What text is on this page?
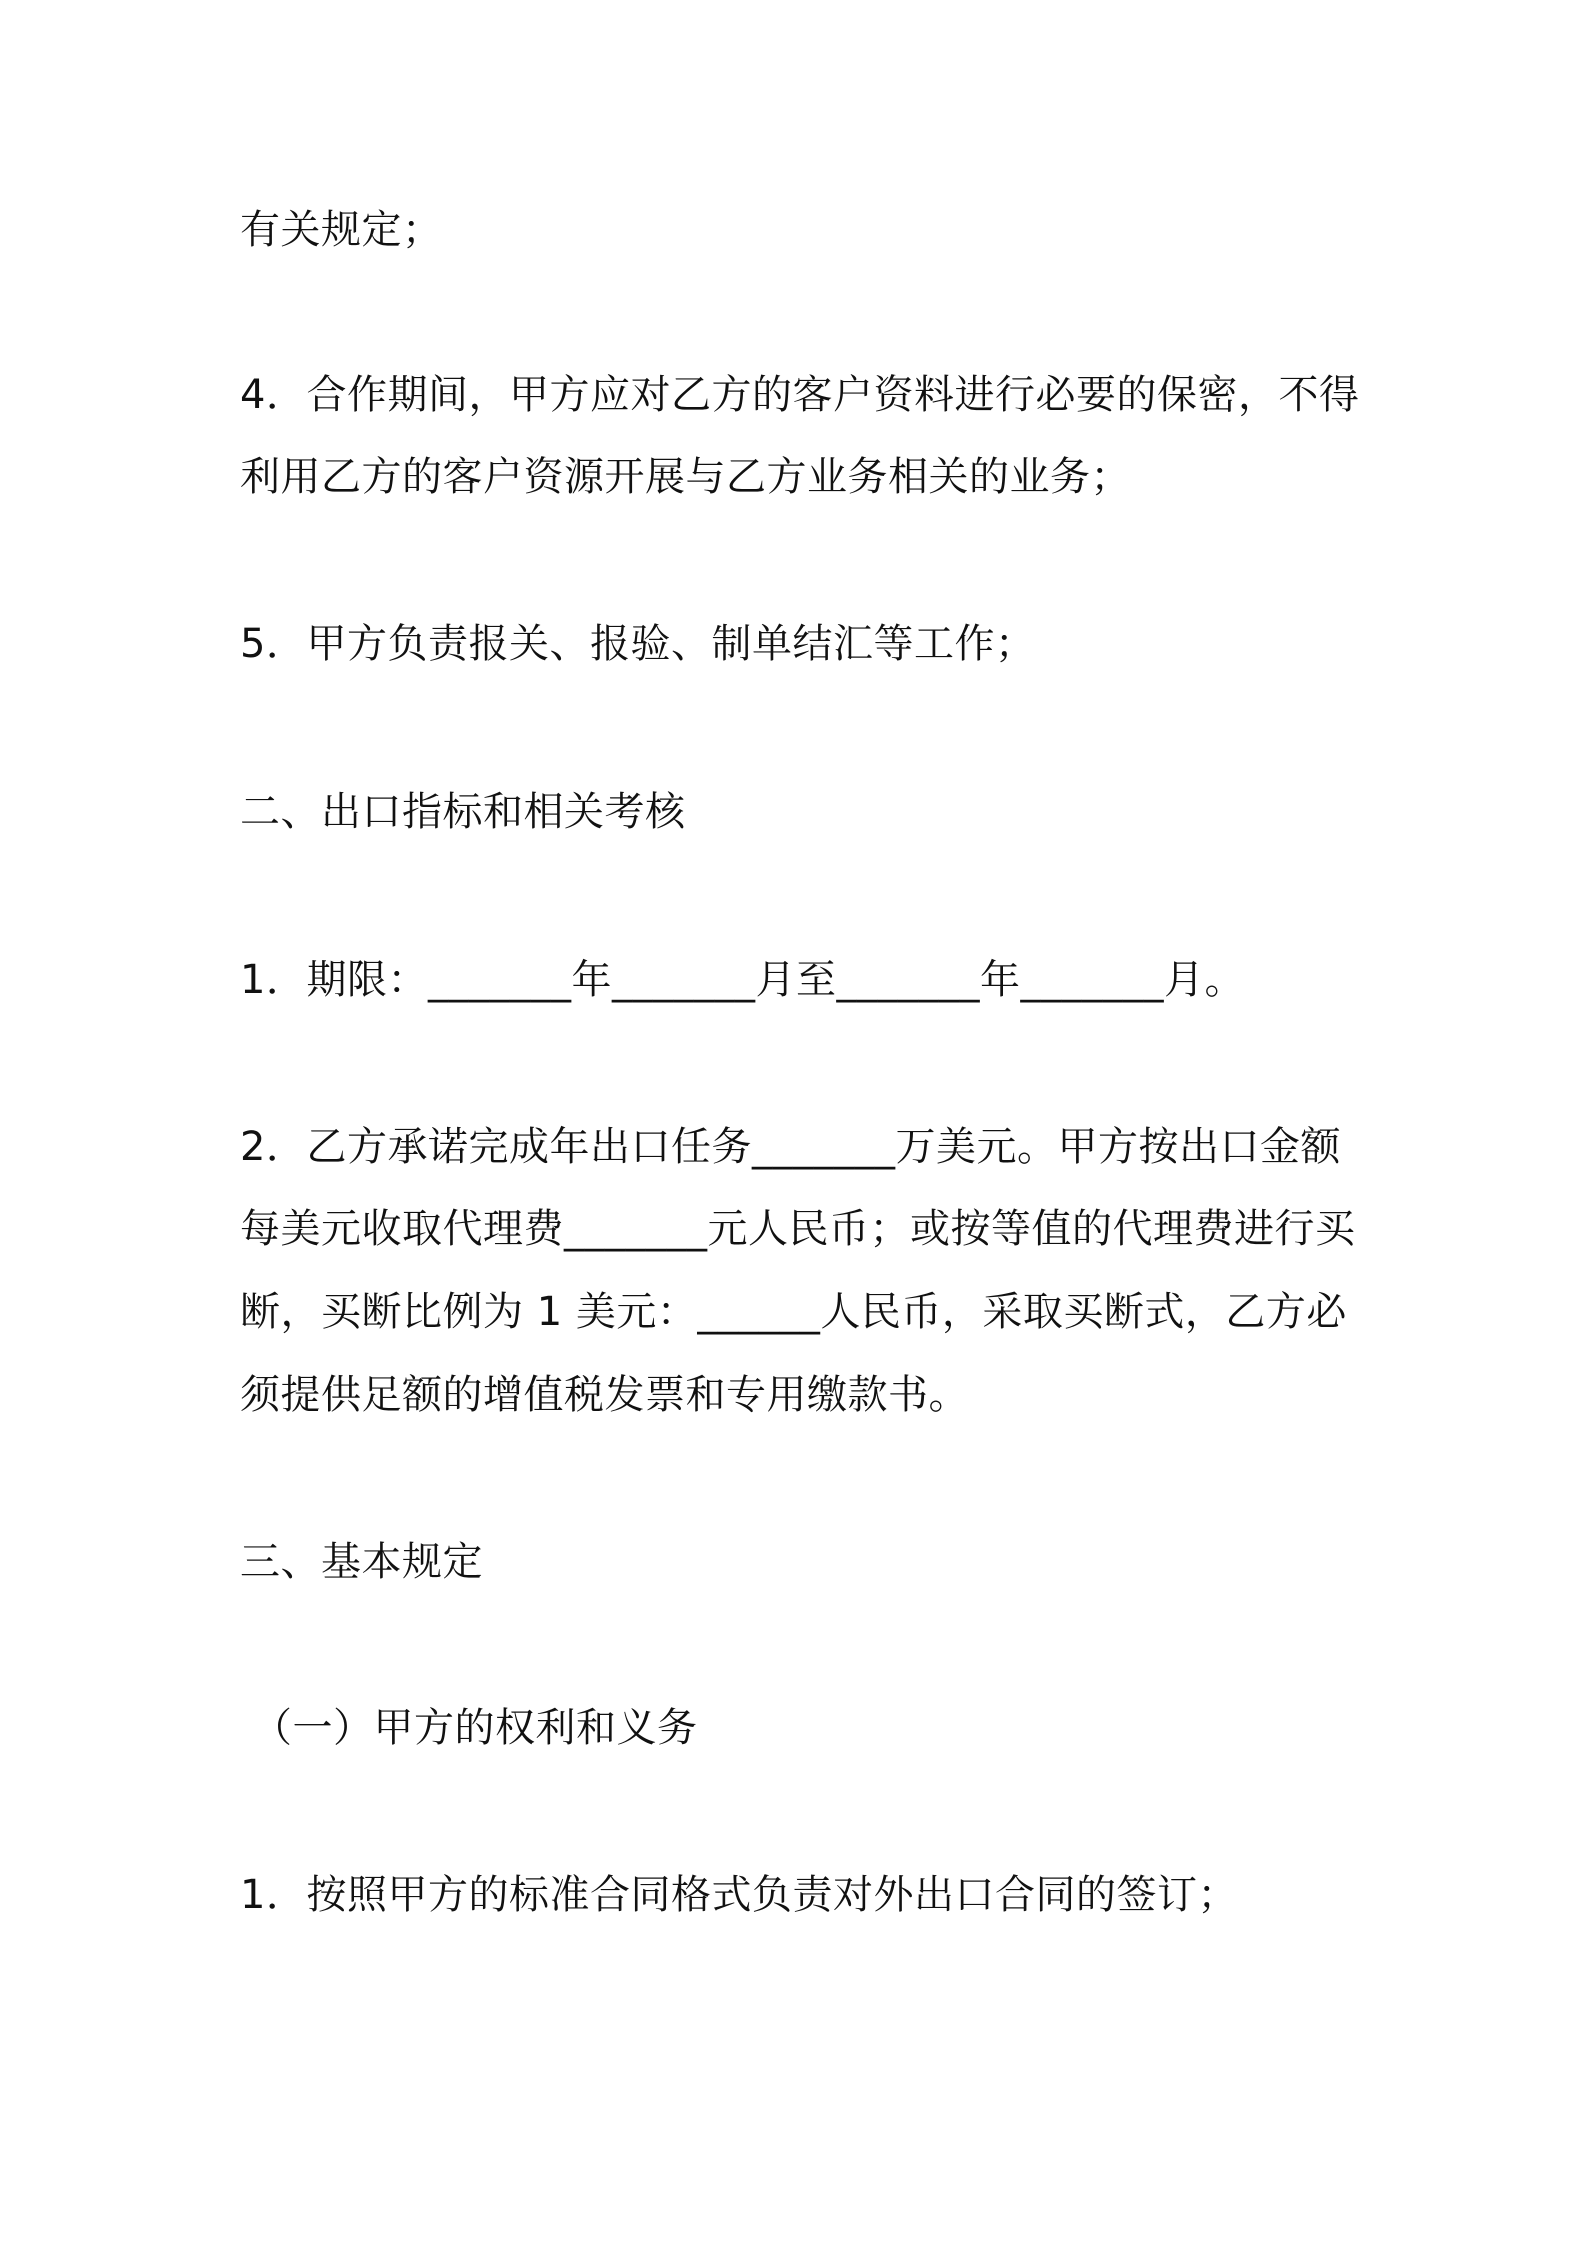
有关规定；
4．合作期间，甲方应对乙方的客户资料进行必要的保密，不得
利用乙方的客户资源开展与乙方业务相关的业务；
5．甲方负责报关、报验、制单结汇等工作；
二、出口指标和相关考核
1．期限：_______年_______月至_______年_______月。
2．乙方承诺完成年出口任务_______万美元。甲方按出口金额
每美元收取代理费_______元人民币；或按等值的代理费进行买
断，买断比例为 1 美元：______人民币，采取买断式，乙方必
须提供足额的增值税发票和专用缴款书。
三、基本规定
（一）甲方的权利和义务
1．按照甲方的标准合同格式负责对外出口合同的签订；
